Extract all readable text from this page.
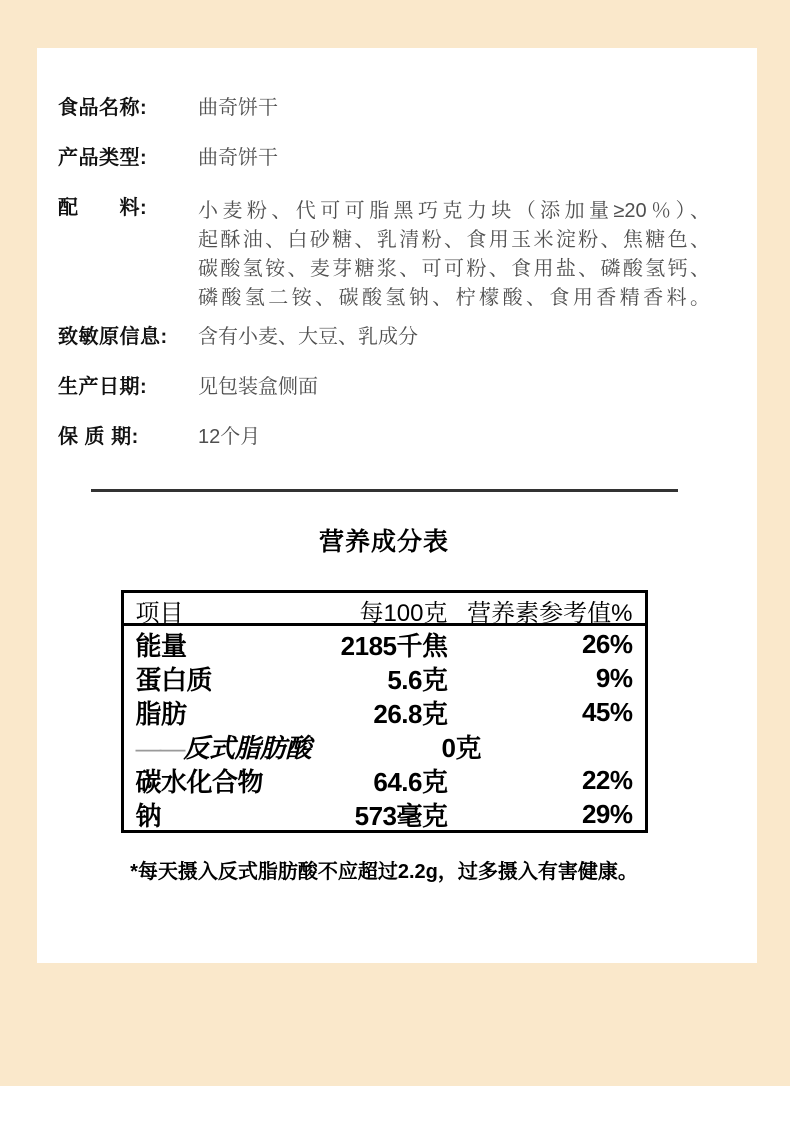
食品名称:	曲奇饼干
产品类型:	曲奇饼干
配　　料:	小麦粉、代可可脂黑巧克力块（添加量≥20％）、
起酥油、白砂糖、乳清粉、食用玉米淀粉、焦糖色、
碳酸氢铵、麦芽糖浆、可可粉、食用盐、磷酸氢钙、
磷酸氢二铵、碳酸氢钠、柠檬酸、食用香精香料。
致敏原信息:	含有小麦、大豆、乳成分
生产日期:	见包装盒侧面
保 质 期:	12个月
营养成分表
项目	每100克 营养素参考值%
能量	2185千焦	26%
蛋白质	5.6克	9%
脂肪	26.8克	45%
——反式脂肪酸	0克
碳水化合物	64.6克	22%
钠	573毫克	29%
*每天摄入反式脂肪酸不应超过2.2g，过多摄入有害健康。
